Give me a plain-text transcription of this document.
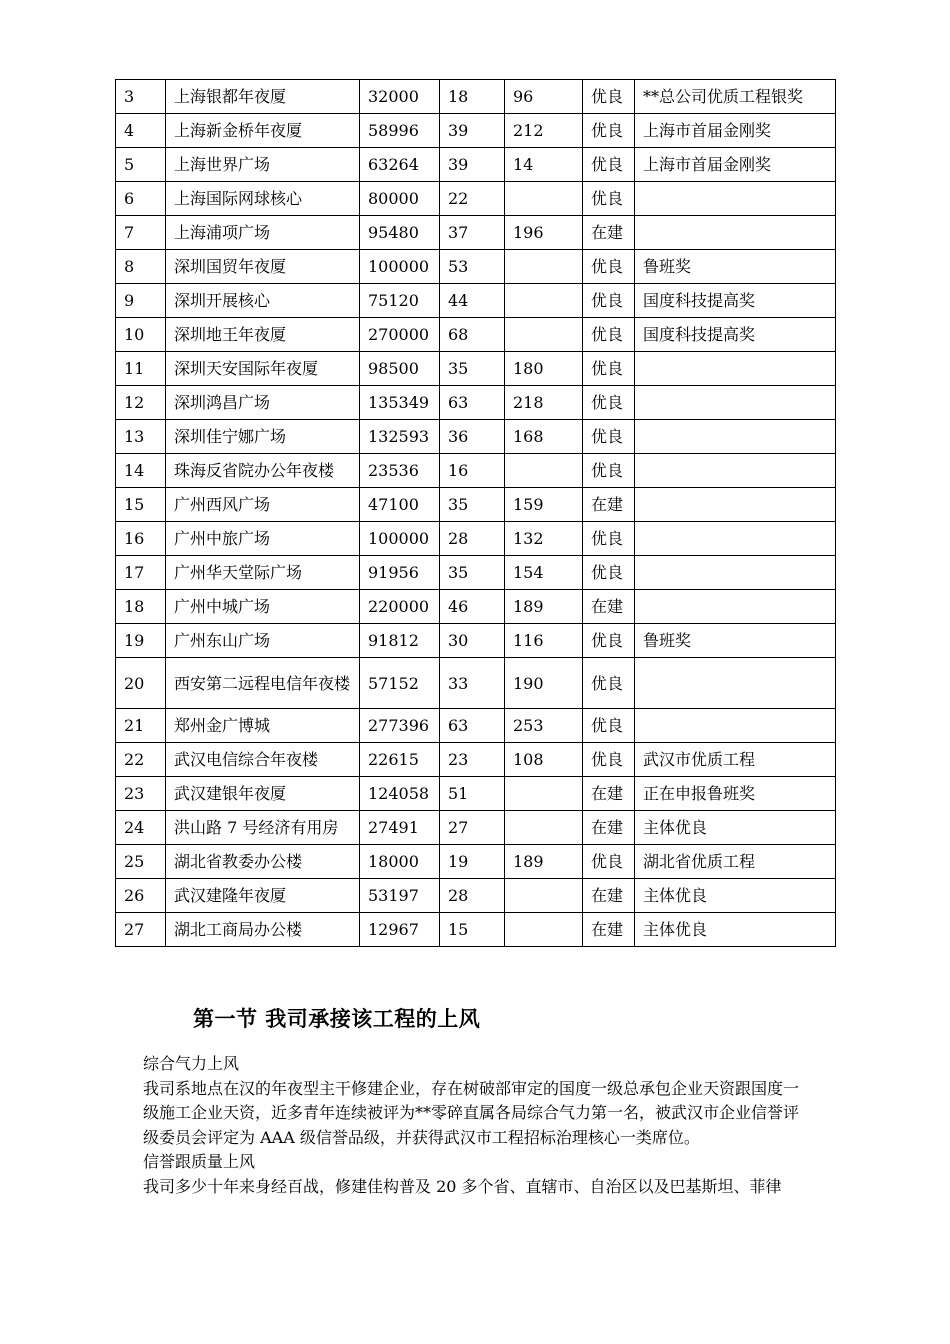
3	上海银都年夜厦	32000	18	96	优良	**总公司优质工程银奖
4	上海新金桥年夜厦	58996	39	212	优良	上海市首届金刚奖
5	上海世界广场	63264	39	14	优良	上海市首届金刚奖
6	上海国际网球核心	80000	22		优良	
7	上海浦项广场	95480	37	196	在建	
8	深圳国贸年夜厦	100000	53		优良	鲁班奖
9	深圳开展核心	75120	44		优良	国度科技提高奖
10	深圳地王年夜厦	270000	68		优良	国度科技提高奖
11	深圳天安国际年夜厦	98500	35	180	优良	
12	深圳鸿昌广场	135349	63	218	优良	
13	深圳佳宁娜广场	132593	36	168	优良	
14	珠海反省院办公年夜楼	23536	16		优良	
15	广州西风广场	47100	35	159	在建	
16	广州中旅广场	100000	28	132	优良	
17	广州华天堂际广场	91956	35	154	优良	
18	广州中城广场	220000	46	189	在建	
19	广州东山广场	91812	30	116	优良	鲁班奖
20	西安第二远程电信年夜楼	57152	33	190	优良	
21	郑州金广博城	277396	63	253	优良	
22	武汉电信综合年夜楼	22615	23	108	优良	武汉市优质工程
23	武汉建银年夜厦	124058	51		在建	正在申报鲁班奖
24	洪山路 7 号经济有用房	27491	27		在建	主体优良
25	湖北省教委办公楼	18000	19	189	优良	湖北省优质工程
26	武汉建隆年夜厦	53197	28		在建	主体优良
27	湖北工商局办公楼	12967	15		在建	主体优良
第一节 我司承接该工程的上风

综合气力上风

我司系地点在汉的年夜型主干修建企业，存在树破部审定的国度一级总承包企业天资跟国度一级施工企业天资，近多青年连续被评为**零碎直属各局综合气力第一名，被武汉市企业信誉评级委员会评定为 AAA 级信誉品级，并获得武汉市工程招标治理核心一类席位。

信誉跟质量上风

我司多少十年来身经百战，修建佳构普及 20 多个省、直辖市、自治区以及巴基斯坦、菲律
